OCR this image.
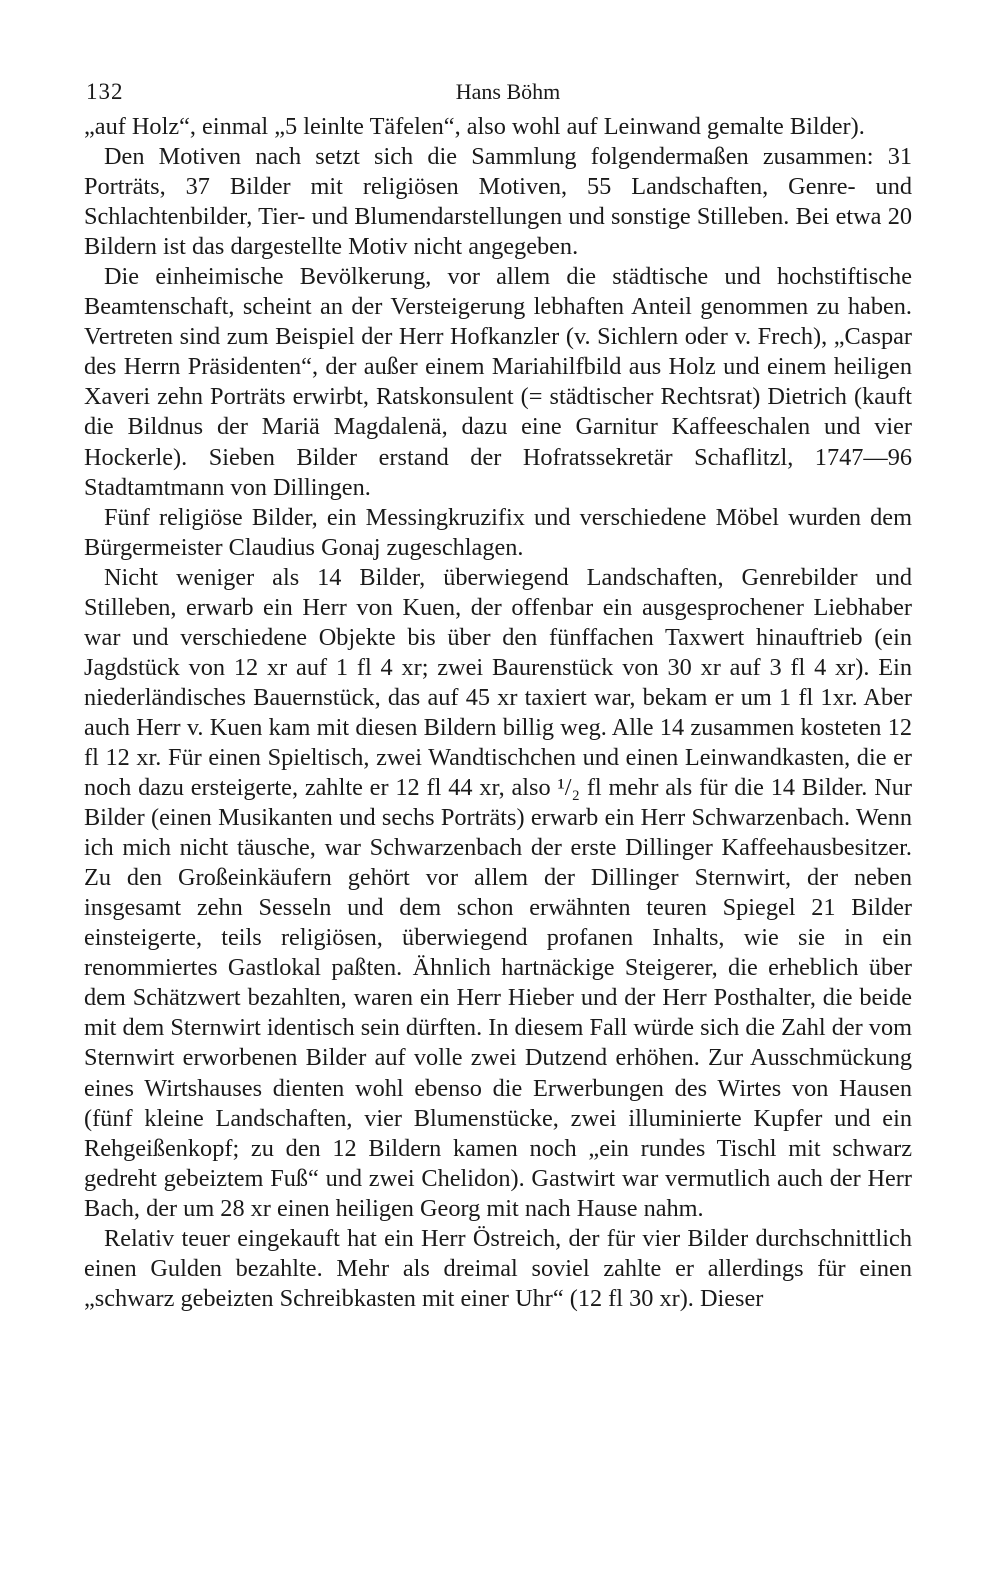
132	Hans Böhm

„auf Holz“, einmal „5 leinlte Täfelen“, also wohl auf Leinwand gemalte Bilder).

Den Motiven nach setzt sich die Sammlung folgendermaßen zusammen: 31 Porträts, 37 Bilder mit religiösen Motiven, 55 Landschaften, Genre- und Schlachtenbilder, Tier- und Blumendarstellungen und sonstige Stilleben. Bei etwa 20 Bildern ist das dargestellte Motiv nicht angegeben.

Die einheimische Bevölkerung, vor allem die städtische und hochstiftische Beamtenschaft, scheint an der Versteigerung lebhaften Anteil genommen zu haben. Vertreten sind zum Beispiel der Herr Hofkanzler (v. Sichlern oder v. Frech), „Caspar des Herrn Präsidenten“, der außer einem Mariahilfbild aus Holz und einem heiligen Xaveri zehn Porträts erwirbt, Ratskonsulent (= städtischer Rechtsrat) Dietrich (kauft die Bildnus der Mariä Magdalenä, dazu eine Garnitur Kaffeeschalen und vier Hockerle). Sieben Bilder erstand der Hofratssekretär Schaflitzl, 1747—96 Stadtamtmann von Dillingen.

Fünf religiöse Bilder, ein Messingkruzifix und verschiedene Möbel wurden dem Bürgermeister Claudius Gonaj zugeschlagen.

Nicht weniger als 14 Bilder, überwiegend Landschaften, Genrebilder und Stilleben, erwarb ein Herr von Kuen, der offenbar ein ausgesprochener Liebhaber war und verschiedene Objekte bis über den fünffachen Taxwert hinauftrieb (ein Jagdstück von 12 xr auf 1 fl 4 xr; zwei Baurenstück von 30 xr auf 3 fl 4 xr). Ein niederländisches Bauernstück, das auf 45 xr taxiert war, bekam er um 1 fl 1xr. Aber auch Herr v. Kuen kam mit diesen Bildern billig weg. Alle 14 zusammen kosteten 12 fl 12 xr. Für einen Spieltisch, zwei Wandtischchen und einen Leinwandkasten, die er noch dazu ersteigerte, zahlte er 12 fl 44 xr, also ¹/₂ fl mehr als für die 14 Bilder. Nur Bilder (einen Musikanten und sechs Porträts) erwarb ein Herr Schwarzenbach. Wenn ich mich nicht täusche, war Schwarzenbach der erste Dillinger Kaffeehausbesitzer. Zu den Großeinkäufern gehört vor allem der Dillinger Sternwirt, der neben insgesamt zehn Sesseln und dem schon erwähnten teuren Spiegel 21 Bilder einsteigerte, teils religiösen, überwiegend profanen Inhalts, wie sie in ein renommiertes Gastlokal paßten. Ähnlich hartnäckige Steigerer, die erheblich über dem Schätzwert bezahlten, waren ein Herr Hieber und der Herr Posthalter, die beide mit dem Sternwirt identisch sein dürften. In diesem Fall würde sich die Zahl der vom Sternwirt erworbenen Bilder auf volle zwei Dutzend erhöhen. Zur Ausschmückung eines Wirtshauses dienten wohl ebenso die Erwerbungen des Wirtes von Hausen (fünf kleine Landschaften, vier Blumenstücke, zwei illuminierte Kupfer und ein Rehgeißenkopf; zu den 12 Bildern kamen noch „ein rundes Tischl mit schwarz gedreht gebeiztem Fuß“ und zwei Chelidon). Gastwirt war vermutlich auch der Herr Bach, der um 28 xr einen heiligen Georg mit nach Hause nahm.

Relativ teuer eingekauft hat ein Herr Östreich, der für vier Bilder durchschnittlich einen Gulden bezahlte. Mehr als dreimal soviel zahlte er allerdings für einen „schwarz gebeizten Schreibkasten mit einer Uhr“ (12 fl 30 xr). Dieser
